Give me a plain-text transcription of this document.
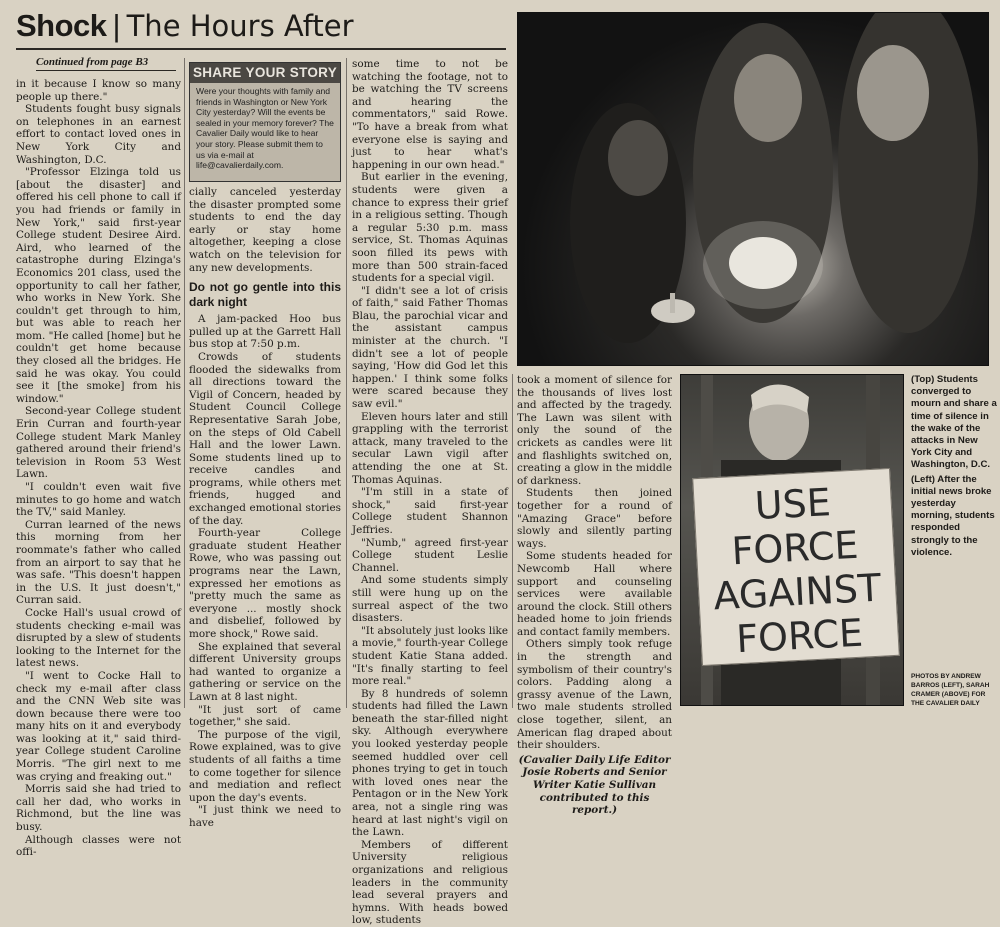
Shock | The Hours After
Continued from page B3

in it because I know so many people up there."

Students fought busy signals on telephones in an earnest effort to contact loved ones in New York City and Washington, D.C.

"Professor Elzinga told us [about the disaster] and offered his cell phone to call if you had friends or family in New York," said first-year College student Desiree Aird. Aird, who learned of the catastrophe during Elzinga's Economics 201 class, used the opportunity to call her father, who works in New York. She couldn't get through to him, but was able to reach her mom. "He called [home] but he couldn't get home because they closed all the bridges. He said he was okay. You could see it [the smoke] from his window."

Second-year College student Erin Curran and fourth-year College student Mark Manley gathered around their friend's television in Room 53 West Lawn.

"I couldn't even wait five minutes to go home and watch the TV," said Manley.

Curran learned of the news this morning from her roommate's father who called from an airport to say that he was safe. "This doesn't happen in the U.S. It just doesn't," Curran said.

Cocke Hall's usual crowd of students checking e-mail was disrupted by a slew of students looking to the Internet for the latest news.

"I went to Cocke Hall to check my e-mail after class and the CNN Web site was down because there were too many hits on it and everybody was looking at it," said third-year College student Caroline Morris. "The girl next to me was crying and freaking out."

Morris said she had tried to call her dad, who works in Richmond, but the line was busy.

Although classes were not offi-

SHARE YOUR STORY
Were your thoughts with family and friends in Washington or New York City yesterday? Will the events be sealed in your memory forever? The Cavalier Daily would like to hear your story. Please submit them to us via e-mail at life@cavalierdaily.com.

cially canceled yesterday the disaster prompted some students to end the day early or stay home altogether, keeping a close watch on the television for any new developments.

Do not go gentle into this dark night

A jam-packed Hoo bus pulled up at the Garrett Hall bus stop at 7:50 p.m.

Crowds of students flooded the sidewalks from all directions toward the Vigil of Concern, headed by Student Council College Representative Sarah Jobe, on the steps of Old Cabell Hall and the lower Lawn. Some students lined up to receive candles and programs, while others met friends, hugged and exchanged emotional stories of the day.

Fourth-year College graduate student Heather Rowe, who was passing out programs near the Lawn, expressed her emotions as "pretty much the same as everyone ... mostly shock and disbelief, followed by more shock," Rowe said.

She explained that several different University groups had wanted to organize a gathering or service on the Lawn at 8 last night.

"It just sort of came together," she said.

The purpose of the vigil, Rowe explained, was to give students of all faiths a time to come together for silence and mediation and reflect upon the day's events.

"I just think we need to have

some time to not be watching the footage, not to be watching the TV screens and hearing the commentators," said Rowe. "To have a break from what everyone else is saying and just to hear what's happening in our own head."

But earlier in the evening, students were given a chance to express their grief in a religious setting. Though a regular 5:30 p.m. mass service, St. Thomas Aquinas soon filled its pews with more than 500 strain-faced students for a special vigil.

"I didn't see a lot of crisis of faith," said Father Thomas Blau, the parochial vicar and the assistant campus minister at the church. "I didn't see a lot of people saying, 'How did God let this happen.' I think some folks were scared because they saw evil."

Eleven hours later and still grappling with the terrorist attack, many traveled to the secular Lawn vigil after attending the one at St. Thomas Aquinas.

"I'm still in a state of shock," said first-year College student Shannon Jeffries.

"Numb," agreed first-year College student Leslie Channel.

And some students simply still were hung up on the surreal aspect of the two disasters.

"It absolutely just looks like a movie," fourth-year College student Katie Stana added. "It's finally starting to feel more real."

By 8 hundreds of solemn students had filled the Lawn beneath the star-filled night sky. Although everywhere you looked yesterday people seemed huddled over cell phones trying to get in touch with loved ones near the Pentagon or in the New York area, not a single ring was heard at last night's vigil on the Lawn.

Members of different University religious organizations and religious leaders in the community lead several prayers and hymns. With heads bowed low, students

took a moment of silence for the thousands of lives lost and affected by the tragedy. The Lawn was silent with only the sound of the crickets as candles were lit and flashlights switched on, creating a glow in the middle of darkness.

Students then joined together for a round of "Amazing Grace" before slowly and silently parting ways.

Some students headed for Newcomb Hall where support and counseling services were available around the clock. Still others headed home to join friends and contact family members.

Others simply took refuge in the strength and symbolism of their country's colors. Padding along a grassy avenue of the Lawn, two male students strolled close together, silent, an American flag draped about their shoulders.

(Cavalier Daily Life Editor Josie Roberts and Senior Writer Katie Sullivan contributed to this report.)

USE
FORCE
AGAINST
FORCE

(Top) Students converged to mourn and share a time of silence in the wake of the attacks in New York City and Washington, D.C.

(Left) After the initial news broke yesterday morning, students responded strongly to the violence.

PHOTOS BY ANDREW BARROS (LEFT), SARAH CRAMER (ABOVE) FOR THE CAVALIER DAILY
